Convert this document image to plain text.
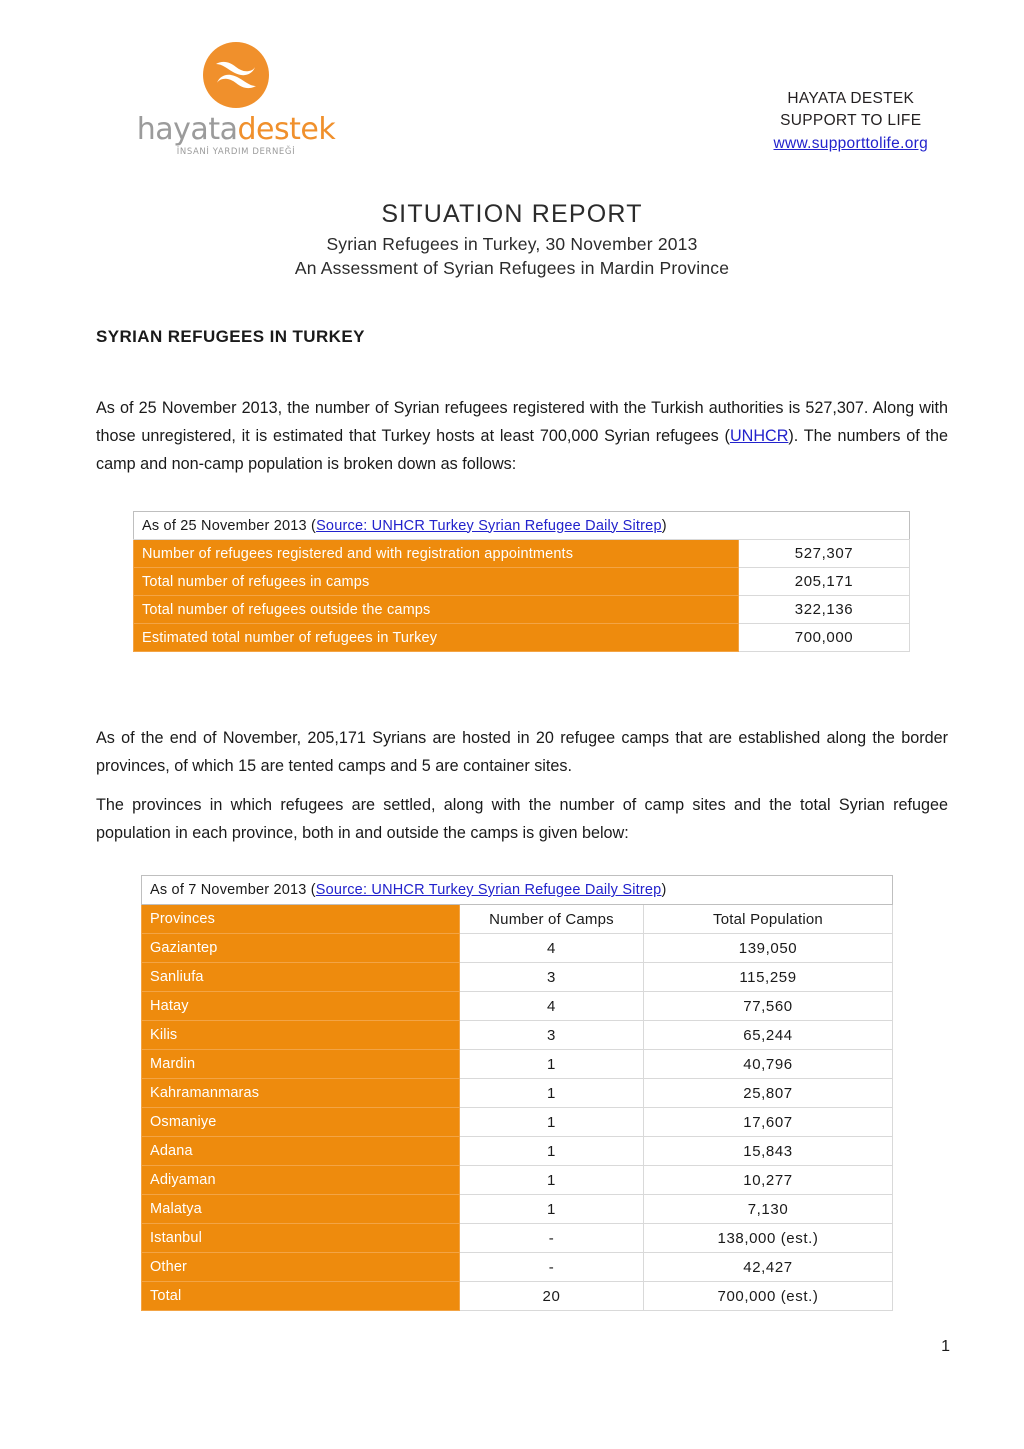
hayatadestek
İNSANİ YARDIM DERNEĞİ
HAYATA DESTEK
SUPPORT TO LIFE
www.supporttolife.org
SITUATION REPORT
Syrian Refugees in Turkey, 30 November 2013
An Assessment of Syrian Refugees in Mardin Province
SYRIAN REFUGEES IN TURKEY

As of 25 November 2013, the number of Syrian refugees registered with the Turkish authorities is 527,307. Along with those unregistered, it is estimated that Turkey hosts at least 700,000 Syrian refugees (UNHCR). The numbers of the camp and non-camp population is broken down as follows:

As of 25 November 2013 (Source: UNHCR Turkey Syrian Refugee Daily Sitrep)	
Number of refugees registered and with registration appointments	527,307
Total number of refugees in camps	205,171
Total number of refugees outside the camps	322,136
Estimated total number of refugees in Turkey	700,000

As of the end of November, 205,171 Syrians are hosted in 20 refugee camps that are established along the border provinces, of which 15 are tented camps and 5 are container sites.

The provinces in which refugees are settled, along with the number of camp sites and the total Syrian refugee population in each province, both in and outside the camps is given below:

As of 7 November 2013 (Source: UNHCR Turkey Syrian Refugee Daily Sitrep)		
Provinces	Number of Camps	Total Population
Gaziantep	4	139,050
Sanliufa	3	115,259
Hatay	4	77,560
Kilis	3	65,244
Mardin	1	40,796
Kahramanmaras	1	25,807
Osmaniye	1	17,607
Adana	1	15,843
Adiyaman	1	10,277
Malatya	1	7,130
Istanbul	-	138,000 (est.)
Other	-	42,427
Total	20	700,000 (est.)
1
